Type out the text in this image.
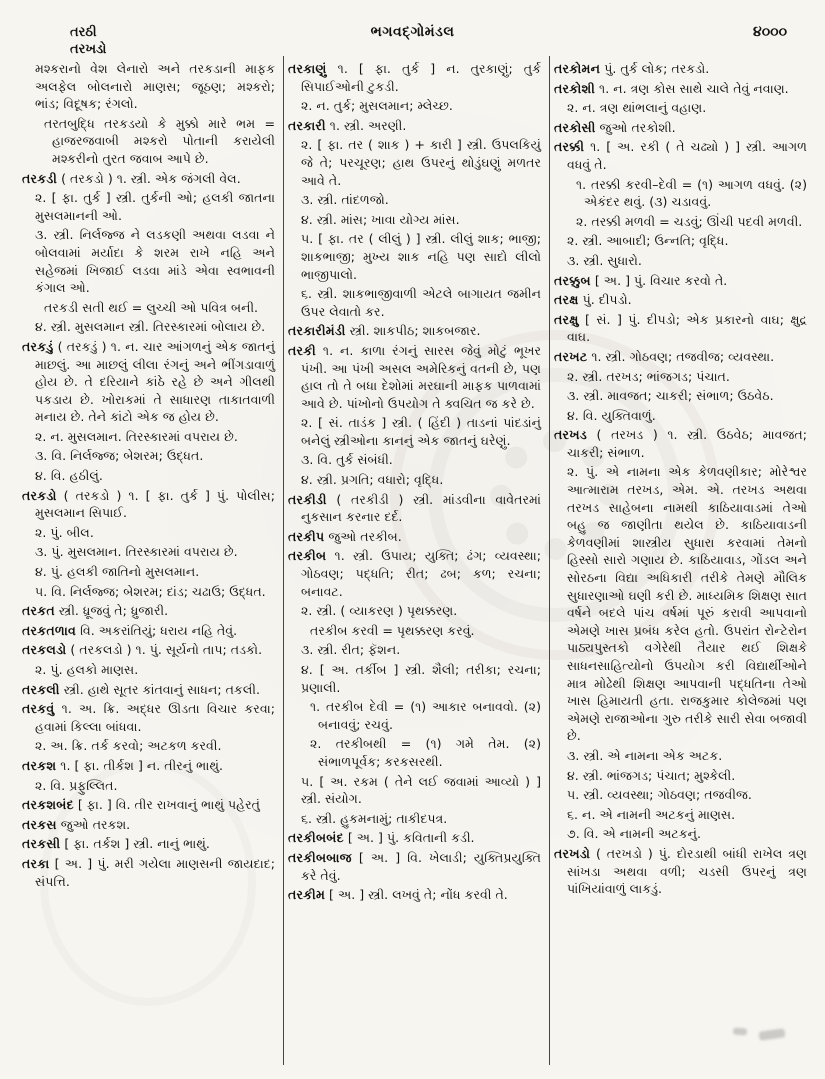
તરઠી
તરખડો
ભગવદ્ગોમંડલ	૪૦૦૦

મશ્કરાનો વેશ લેનારો અને તરકડાની માફક અલફેલ બોલનારો માણસ; જૂઠણ; મશ્કરો; ભાંડ; વિદૂષક; રંગલો.

તરતબુદ્ધિ તરકડયો કે મુક્કો મારે ભમ = હાજરજવાબી મશ્કરો પોતાની કરાયેલી મશ્કરીનો તુરત જવાબ આપે છે.

તરકડી ( તરકડો ) ૧. સ્ત્રી. એક જંગલી વેલ.

૨. [ ફા. તુર્ક ] સ્ત્રી. તુર્કની ઓ; હલકી જાતના મુસલમાનની ઓ.

૩. સ્ત્રી. નિર્લજ્જ ને લડકણી અથવા લડવા ને બોલવામાં મર્યાદા કે શરમ રાખે નહિ અને સહેજમાં ખિજાઈ લડવા માંડે એવા સ્વભાવની કંગાલ ઓ.

તરકડી સતી થઈ = લુચ્ચી ઓ પવિત્ર બની.

૪. સ્ત્રી. મુસલમાન સ્ત્રી. તિરસ્કારમાં બોલાય છે.

તરકડું ( તરકડું ) ૧. ન. ચાર આંગળનું એક જાતનું માછલું. આ માછલું લીલા રંગનું અને ભીંગડાવાળું હોય છે. તે દરિયાને કાંઠે રહે છે અને ગીલથી પકડાય છે. ખોરાકમાં તે સાધારણ તાકાતવાળી મનાય છે. તેને કાંટો એક જ હોય છે.

૨. ન. મુસલમાન. તિરસ્કારમાં વપરાય છે.

૩. વિ. નિર્લજ્જ; બેશરમ; ઉદ્ધત.

૪. વિ. હઠીલું.

તરકડો ( તરકડો ) ૧. [ ફા. તુર્ક ] પું. પોલીસ; મુસલમાન સિપાઈ.

૨. પું. બીલ.

૩. પું. મુસલમાન. તિરસ્કારમાં વપરાય છે.

૪. પું. હલકી જાતિનો મુસલમાન.

૫. વિ. નિર્લજ્જ; બેશરમ; દાંડ; ચઢાઉ; ઉદ્ધત.

તરકત સ્ત્રી. ધ્રૂજવું તે; ધ્રુજારી.

તરકતળાવ વિ. અકરાંતિયું; ધરાય નહિ તેવું.

તરકલડો ( તરકલડો ) ૧. પું. સૂર્યનો તાપ; તડકો.

૨. પું. હલકો માણસ.

તરકલી સ્ત્રી. હાથે સૂતર કાંતવાનું સાધન; તકલી.

તરકવું ૧. અ. ક્રિ. અદ્ધર ઊડતા વિચાર કરવા; હવામાં કિલ્લા બાંધવા.

૨. અ. ક્રિ. તર્ક કરવો; અટકળ કરવી.

તરકશ ૧. [ ફા. તીર્કશ ] ન. તીરનું ભાથું.

૨. વિ. પ્રફુલ્લિત.

તરકશબંદ [ ફા. ] વિ. તીર રાખવાનું ભાથું પહેરતું

તરકસ જુઓ તરકશ.

તરકસી [ ફા. તર્કશ ] સ્ત્રી. નાનું ભાથું.

તરકા [ અ. ] પું. મરી ગયેલા માણસની જાયદાદ; સંપત્તિ.

તરકાણું ૧. [ ફા. તુર્ક ] ન. તુરકાણું; તુર્ક સિપાઈઓની ટુકડી.

૨. ન. તુર્ક; મુસલમાન; મ્લેચ્છ.

તરકારી ૧. સ્ત્રી. અરણી.

૨. [ ફા. તર ( શાક ) + કારી ] સ્ત્રી. ઉપલકિયું જે તે; પરચૂરણ; હાથ ઉપરનું થોડુંઘણું મળતર આવે તે.

૩. સ્ત્રી. તાંદળજો.

૪. સ્ત્રી. માંસ; ખાવા યોગ્ય માંસ.

૫. [ ફા. તર ( લીલું ) ] સ્ત્રી. લીલું શાક; ભાજી; શાકભાજી; મુખ્ય શાક નહિ પણ સાદો લીલો ભાજીપાલો.

૬. સ્ત્રી. શાકભાજીવાળી એટલે બાગાયત જમીન ઉપર લેવાતો કર.

તરકારીમંડી સ્ત્રી. શાકપીઠ; શાકબજાર.

તરકી ૧. ન. કાળા રંગનું સારસ જેવું મોટું ભૂખર પંખી. આ પંખી અસલ અમેરિકનું વતની છે, પણ હાલ તો તે બધા દેશોમાં મરઘાની માફક પાળવામાં આવે છે. પાંખોનો ઉપયોગ તે ક્વચિત જ કરે છે.

૨. [ સં. તાડંક ] સ્ત્રી. ( હિંદી ) તાડનાં પાંદડાંનું બનેલું સ્ત્રીઓના કાનનું એક જાતનું ઘરેણું.

૩. વિ. તુર્ક સંબંધી.

૪. સ્ત્રી. પ્રગતિ; વધારો; વૃદ્ધિ.

તરકીડી ( તરકીડી ) સ્ત્રી. માંડવીના વાવેતરમાં નુકસાન કરનાર દર્દ.

તરકીપ જુઓ તરકીબ.

તરકીબ ૧. સ્ત્રી. ઉપાય; યુક્તિ; ઢંગ; વ્યવસ્થા; ગોઠવણ; પદ્ધતિ; રીત; ઢબ; કળ; રચના; બનાવટ.

૨. સ્ત્રી. ( વ્યાકરણ ) પૃથક્કરણ.

તરકીબ કરવી = પૃથક્કરણ કરવું.

૩. સ્ત્રી. રીત; ફૅશન.

૪. [ અ. તર્કીબ ] સ્ત્રી. શૈલી; તરીકા; રચના; પ્રણાલી.

૧. તરકીબ દેવી = (૧) આકાર બનાવવો. (૨) બનાવવું; રચવું.

૨. તરકીબથી = (૧) ગમે તેમ. (૨) સંભાળપૂર્વક; કરકસરથી.

૫. [ અ. રકમ ( તેને લઈ જવામાં આવ્યો ) ] સ્ત્રી. સંયોગ.

૬. સ્ત્રી. હુકમનામું; તાકીદપત્ર.

તરકીબબંદ [ અ. ] પું. કવિતાની કડી.

તરકીબબાજ [ અ. ] વિ. ખેલાડી; યુક્તિપ્રયુક્તિ કરે તેવું.

તરકીમ [ અ. ] સ્ત્રી. લખવું તે; નોંધ કરવી તે.

તરકોમન પું. તુર્ક લોક; તરકડો.

તરકોશી ૧. ન. ત્રણ કોસ સાથે ચાલે તેવું નવાણ.

૨. ન. ત્રણ થાંભલાનું વહાણ.

તરકોસી જુઓ તરકોશી.

તરક્કી ૧. [ અ. રકી ( તે ચઢ્યો ) ] સ્ત્રી. આગળ વધવું તે.

૧. તરક્કી કરવી–દેવી = (૧) આગળ વધવું. (૨) એકંદર થવું. (૩) ચડાવવું.

૨. તરક્કી મળવી = ચડવું; ઊંચી પદવી મળવી.

૨. સ્ત્રી. આબાદી; ઉન્નતિ; વૃદ્ધિ.

૩. સ્ત્રી. સુધારો.

તરક્કુબ [ અ. ] પું. વિચાર કરવો તે.

તરક્ષ પું. દીપડો.

તરક્ષુ [ સં. ] પું. દીપડો; એક પ્રકારનો વાઘ; ક્ષુદ્ર વાઘ.

તરખટ ૧. સ્ત્રી. ગોઠવણ; તજવીજ; વ્યવસ્થા.

૨. સ્ત્રી. તરખડ; ભાંજગડ; પંચાત.

૩. સ્ત્રી. માવજત; ચાકરી; સંભાળ; ઉઠવેઠ.

૪. વિ. યુક્તિવાળું.

તરખડ ( તરખડ ) ૧. સ્ત્રી. ઉઠવેઠ; માવજત; ચાકરી; સંભાળ.

૨. પું. એ નામના એક કેળવણીકાર; મોરેશ્વર આત્મારામ તરખડ, એમ. એ. તરખડ અથવા તરખડ સાહેબના નામથી કાઠિયાવાડમાં તેઓ બહુ જ જાણીતા થયેલ છે. કાઠિયાવાડની કેળવણીમાં શાસ્ત્રીય સુધારા કરવામાં તેમનો હિસ્સો સારો ગણાય છે. કાઠિયાવાડ, ગોંડલ અને સોરઠના વિદ્યા અધિકારી તરીકે તેમણે મૌલિક સુધારણાઓ ઘણી કરી છે. માધ્યમિક શિક્ષણ સાત વર્ષને બદલે પાંચ વર્ષમાં પૂરું કરાવી આપવાનો એમણે ખાસ પ્રબંધ કરેલ હતો. ઉપરાંત રોન્ટેરોન પાઠ્યપુસ્તકો વગેરેથી તૈયાર થઈ શિક્ષકે સાધનસાહિત્યોનો ઉપયોગ કરી વિદ્યાર્થીઓને માત્ર મોઢેથી શિક્ષણ આપવાની પદ્ધતિના તેઓ ખાસ હિમાયતી હતા. રાજકુમાર કોલેજમાં પણ એમણે રાજાઓના ગુરુ તરીકે સારી સેવા બજાવી છે.

૩. સ્ત્રી. એ નામના એક અટક.

૪. સ્ત્રી. ભાંજગડ; પંચાત; મુશ્કેલી.

૫. સ્ત્રી. વ્યવસ્થા; ગોઠવણ; તજવીજ.

૬. ન. એ નામની અટકનું માણસ.

૭. વિ. એ નામની અટકનું.

તરખડો ( તરખડો ) પું. દોરડાથી બાંધી રાખેલ ત્રણ સાંખડા અથવા વળી; ચડસી ઉપરનું ત્રણ પાંખિયાંવાળું લાકડું.
